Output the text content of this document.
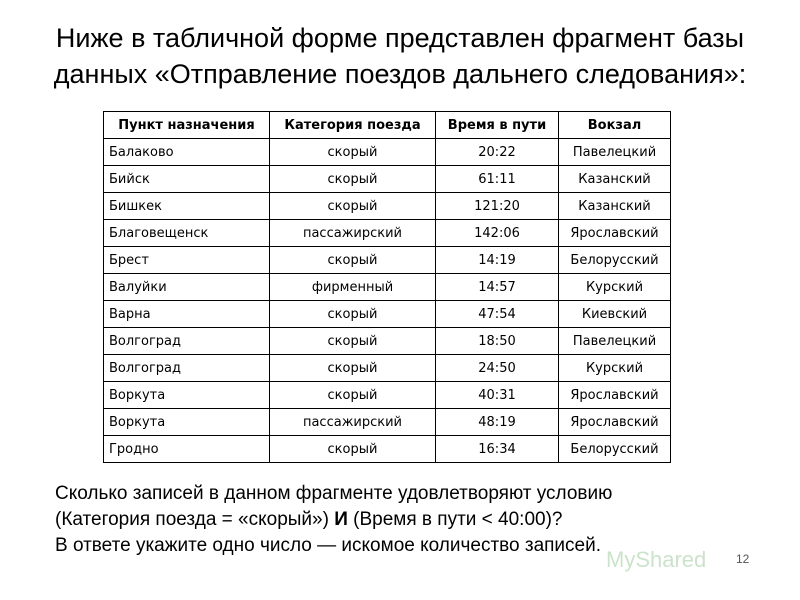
Ниже в табличной форме представлен фрагмент базы
данных «Отправление поездов дальнего следования»:
Пункт назначения	Категория поезда	Время в пути	Вокзал
Балаково	скорый	20:22	Павелецкий
Бийск	скорый	61:11	Казанский
Бишкек	скорый	121:20	Казанский
Благовещенск	пассажирский	142:06	Ярославский
Брест	скорый	14:19	Белорусский
Валуйки	фирменный	14:57	Курский
Варна	скорый	47:54	Киевский
Волгоград	скорый	18:50	Павелецкий
Волгоград	скорый	24:50	Курский
Воркута	скорый	40:31	Ярославский
Воркута	пассажирский	48:19	Ярославский
Гродно	скорый	16:34	Белорусский
Сколько записей в данном фрагменте удовлетворяют условию
(Категория поезда = «скорый») И (Время в пути < 40:00)?
В ответе укажите одно число — искомое количество записей.
MyShared 12
